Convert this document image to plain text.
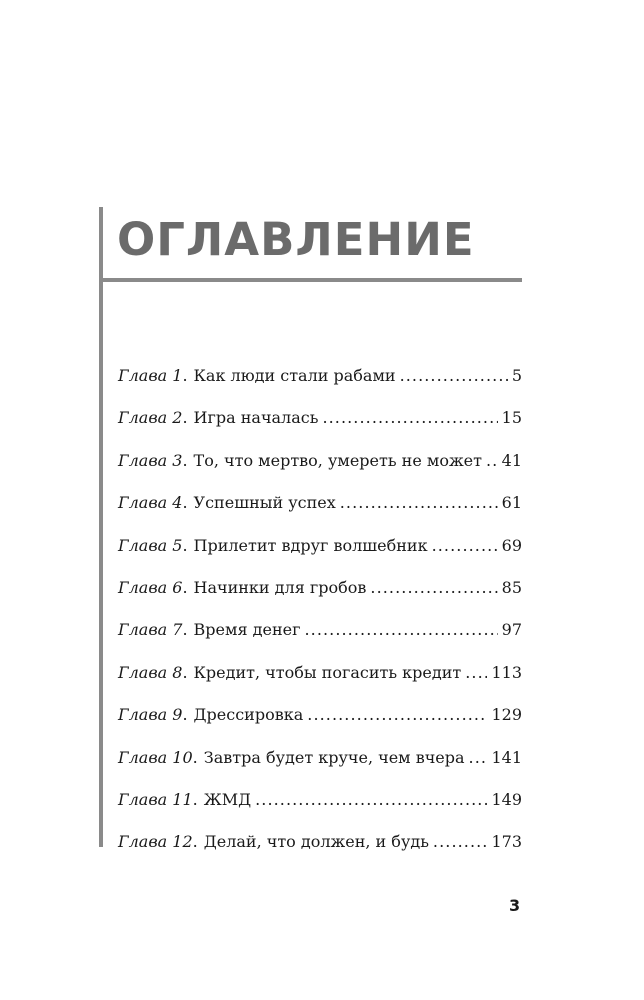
ОГЛАВЛЕНИЕ
Глава 1 . Как люди стали рабами . . .	5
Глава 2 . Игра началась . . .	15
Глава 3 . То, что мертво, умереть не может . . . 41
Глава 4 . Успешный успех . . .	61
Глава 5 . Прилетит вдруг волшебник . . .	69
Глава 6 . Начинки для гробов . . .	85
Глава 7 . Время денег . . .	97
Глава 8 . Кредит, чтобы погасить кредит . . . 113
Глава 9 . Дрессировка . . .	129
Глава 10 . Завтра будет круче, чем вчера . . . 141
Глава 11 . ЖМД . . .	149
Глава 12 . Делай, что должен, и будь . . .	173
3
